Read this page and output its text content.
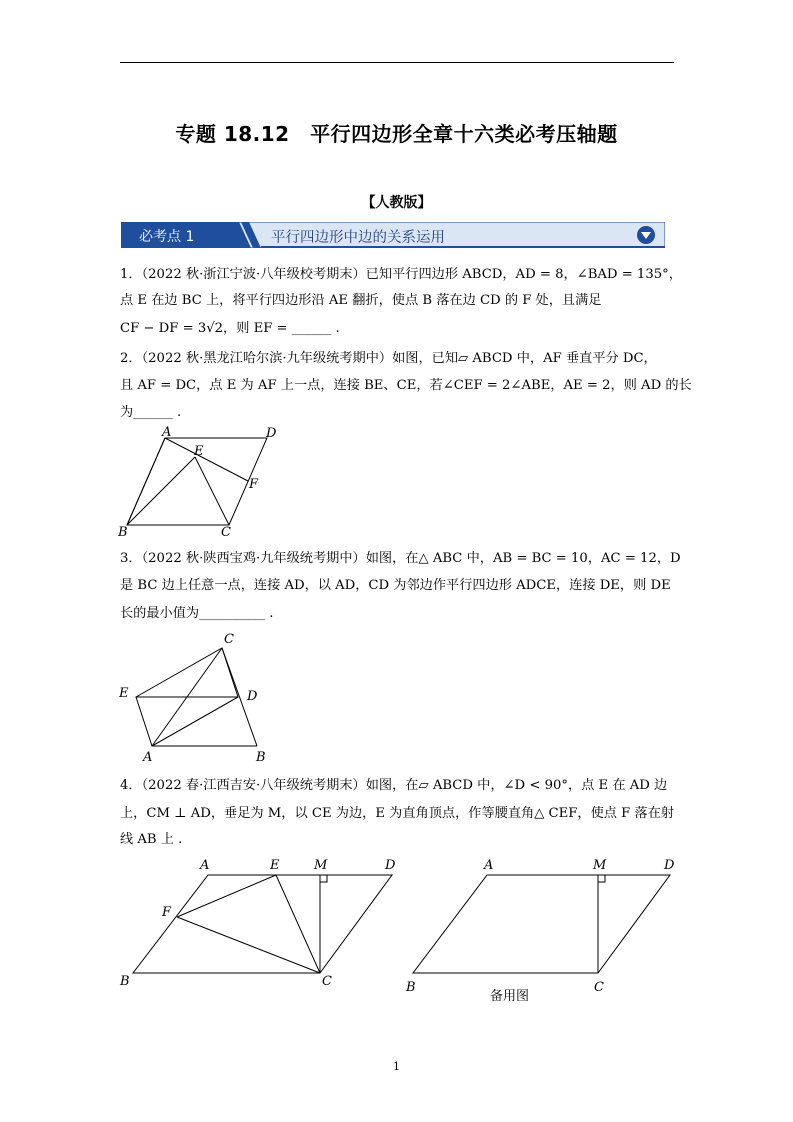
专题 18.12　平行四边形全章十六类必考压轴题
【人教版】
必考点 1	平行四边形中边的关系运用
1．（2022 秋·浙江宁波·八年级校考期末）已知平行四边形 ABCD，AD = 8，∠BAD = 135°，
点 E 在边 BC 上，将平行四边形沿 AE 翻折，使点 B 落在边 CD 的 F 处，且满足
CF − DF = 3√2，则 EF = ______ .
2．（2022 秋·黑龙江哈尔滨·九年级统考期中）如图，已知▱ ABCD 中，AF 垂直平分 DC，
且 AF = DC，点 E 为 AF 上一点，连接 BE、CE，若∠CEF = 2∠ABE，AE = 2，则 AD 的长
为______ .
A	D
E
F
B	C
3．（2022 秋·陕西宝鸡·九年级统考期中）如图，在△ ABC 中，AB = BC = 10，AC = 12，D
是 BC 边上任意一点，连接 AD，以 AD，CD 为邻边作平行四边形 ADCE，连接 DE，则 DE
长的最小值为__________ .
C
E	D
A	B
4．（2022 春·江西吉安·八年级统考期末）如图，在▱ ABCD 中，∠D < 90°，点 E 在 AD 边
上，CM ⊥ AD，垂足为 M，以 CE 为边，E 为直角顶点，作等腰直角△ CEF，使点 F 落在射
线 AB 上 .
A	E	M	D
F
B	C
A	M	D
B	C
备用图
1
